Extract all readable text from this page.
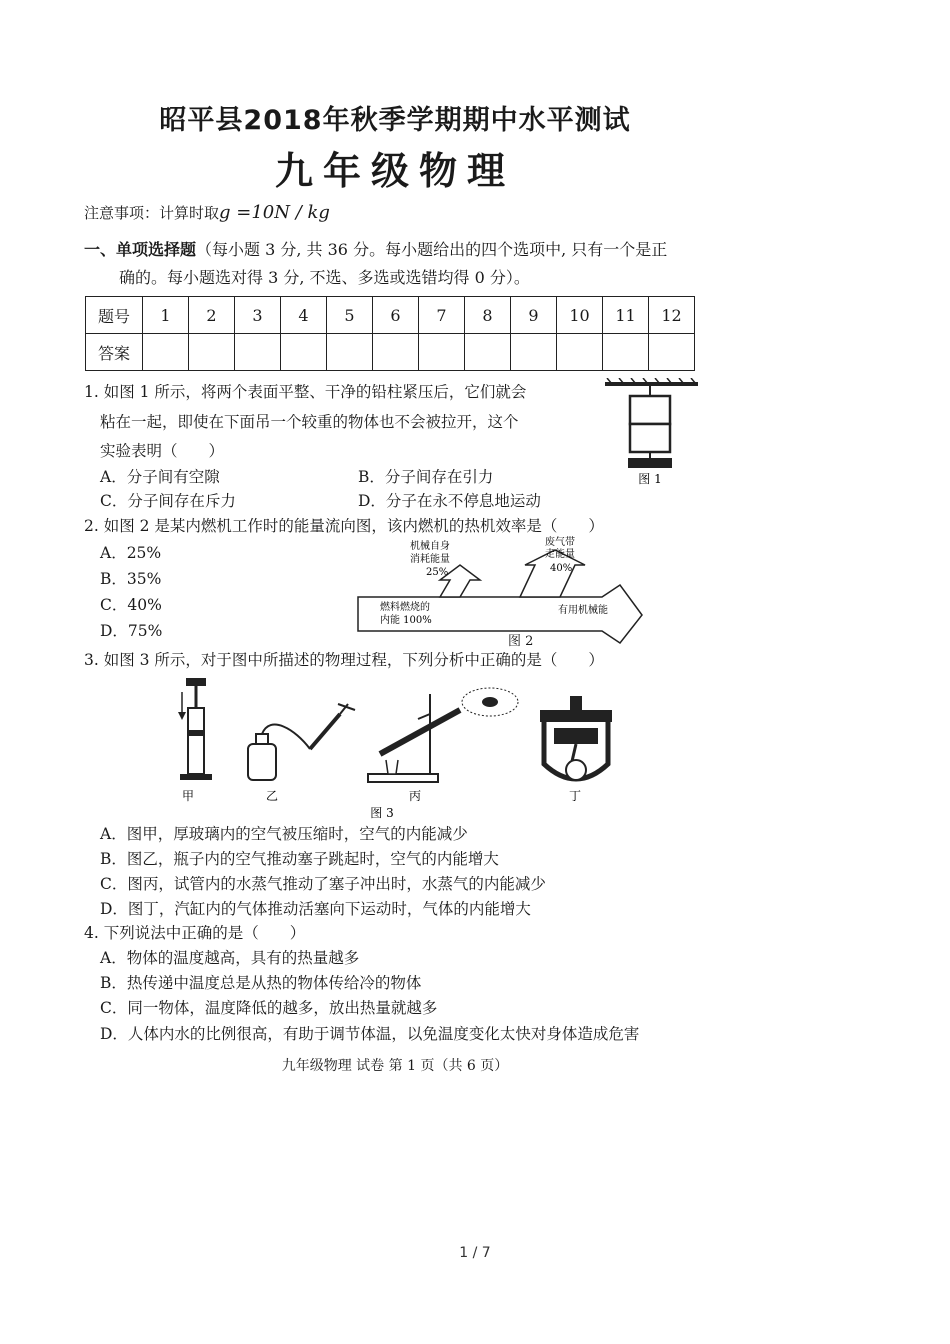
昭平县2018年秋季学期期中水平测试
九年级物理
注意事项：计算时取g =10N / kg
一、单项选择题（每小题 3 分, 共 36 分。每小题给出的四个选项中, 只有一个是正
确的。每小题选对得 3 分, 不选、多选或选错均得 0 分）。
题号	1	2	3	4	5	6	7	8	9	10	11	12
答案												
1. 如图 1 所示，将两个表面平整、干净的铅柱紧压后，它们就会
粘在一起，即使在下面吊一个较重的物体也不会被拉开，这个
实验表明（　　）
A．分子间有空隙	B．分子间存在引力
C．分子间存在斥力	D．分子在永不停息地运动
图 1
2. 如图 2 是某内燃机工作时的能量流向图，该内燃机的热机效率是（　　）
A．25%
B．35%
C．40%
D．75%
机械自身
消耗能量
25%
废气带
走能量
40%
燃料燃烧的
内能 100%
有用机械能
图 2
3. 如图 3 所示，对于图中所描述的物理过程，下列分析中正确的是（　　）
甲	乙	丙	丁
图 3
A．图甲，厚玻璃内的空气被压缩时，空气的内能减少
B．图乙，瓶子内的空气推动塞子跳起时，空气的内能增大
C．图丙，试管内的水蒸气推动了塞子冲出时，水蒸气的内能减少
D．图丁，汽缸内的气体推动活塞向下运动时，气体的内能增大
4. 下列说法中正确的是（　　）
A．物体的温度越高，具有的热量越多
B．热传递中温度总是从热的物体传给冷的物体
C．同一物体，温度降低的越多，放出热量就越多
D．人体内水的比例很高，有助于调节体温，以免温度变化太快对身体造成危害
九年级物理 试卷 第 1 页（共 6 页）
1 / 7
